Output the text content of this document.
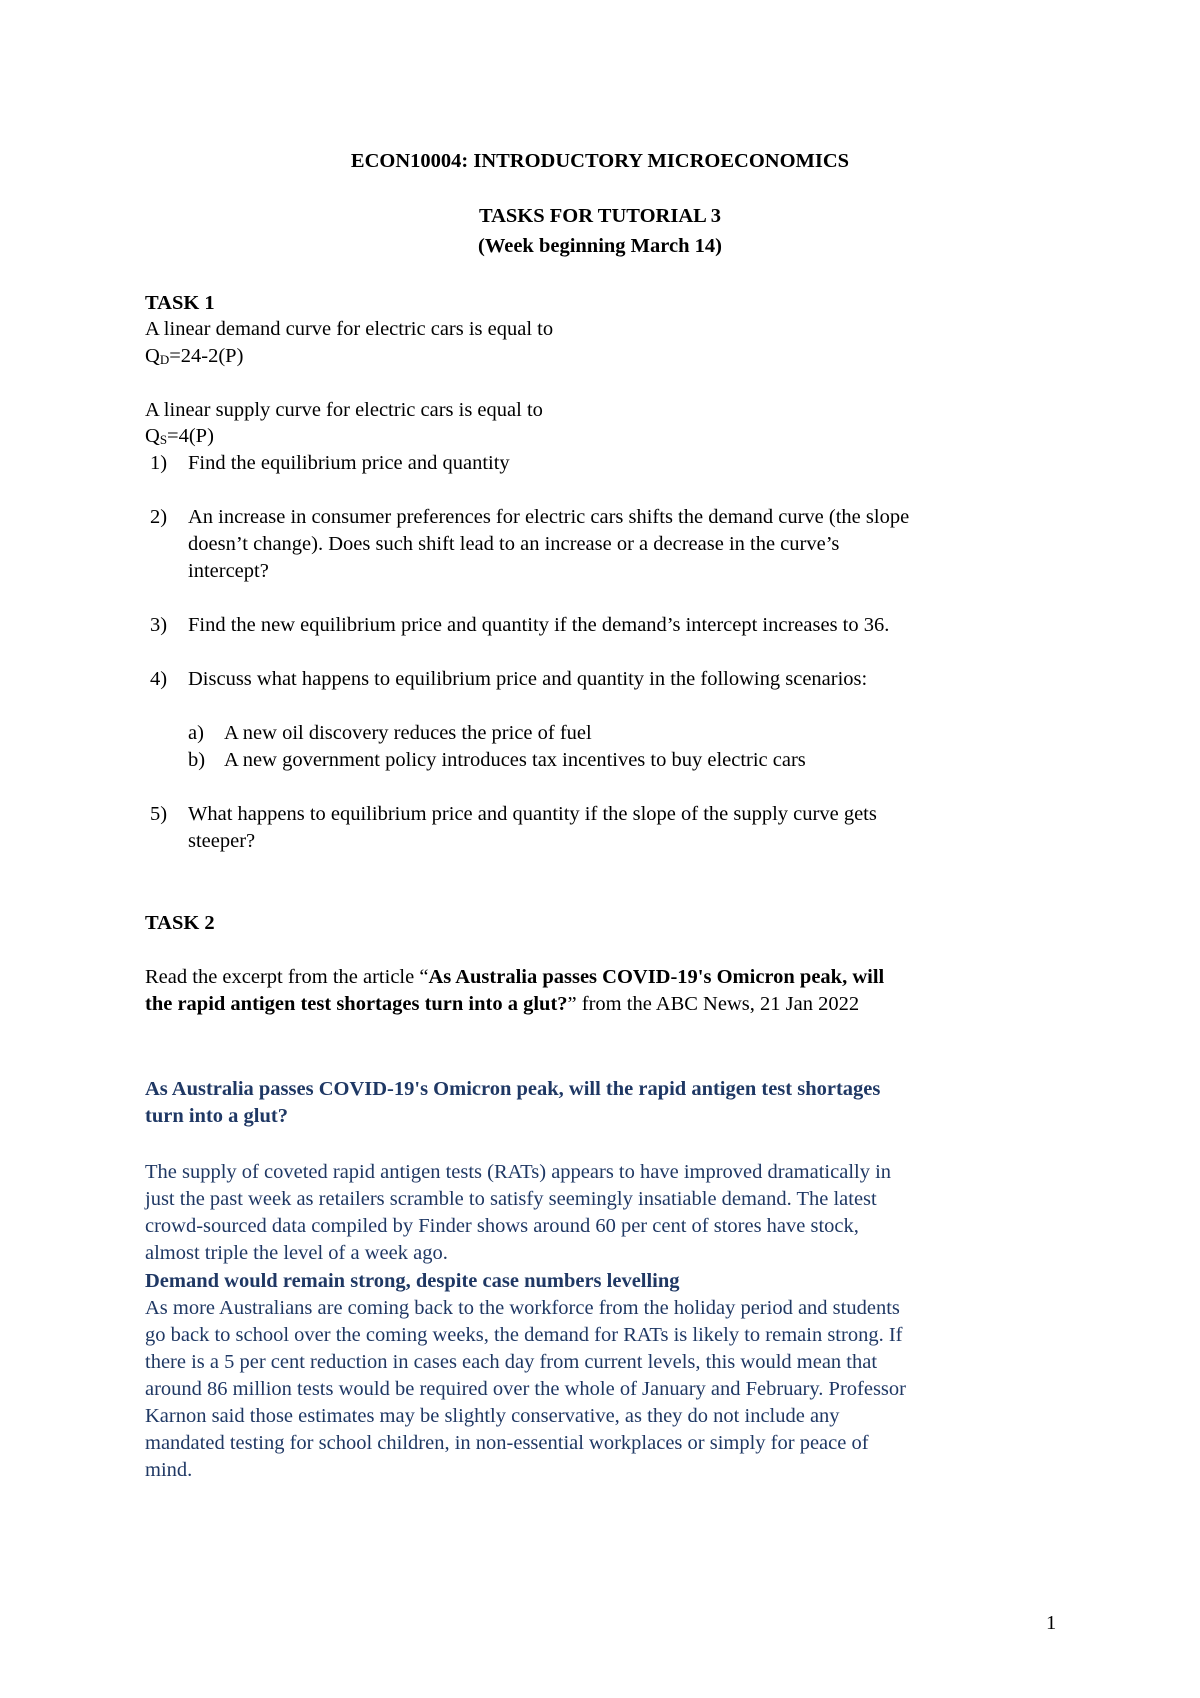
ECON10004: INTRODUCTORY MICROECONOMICS
TASKS FOR TUTORIAL 3
(Week beginning March 14)
TASK 1
A linear demand curve for electric cars is equal to
QD=24-2(P)
A linear supply curve for electric cars is equal to
QS=4(P)
1) Find the equilibrium price and quantity
2) An increase in consumer preferences for electric cars shifts the demand curve (the slope
doesn’t change). Does such shift lead to an increase or a decrease in the curve’s
intercept?
3) Find the new equilibrium price and quantity if the demand’s intercept increases to 36.
4) Discuss what happens to equilibrium price and quantity in the following scenarios:
a) A new oil discovery reduces the price of fuel
b) A new government policy introduces tax incentives to buy electric cars
5) What happens to equilibrium price and quantity if the slope of the supply curve gets
steeper?
TASK 2
Read the excerpt from the article “As Australia passes COVID-19's Omicron peak, will
the rapid antigen test shortages turn into a glut?” from the ABC News, 21 Jan 2022
As Australia passes COVID-19's Omicron peak, will the rapid antigen test shortages
turn into a glut?
The supply of coveted rapid antigen tests (RATs) appears to have improved dramatically in
just the past week as retailers scramble to satisfy seemingly insatiable demand. The latest
crowd-sourced data compiled by Finder shows around 60 per cent of stores have stock,
almost triple the level of a week ago.
Demand would remain strong, despite case numbers levelling
As more Australians are coming back to the workforce from the holiday period and students
go back to school over the coming weeks, the demand for RATs is likely to remain strong. If
there is a 5 per cent reduction in cases each day from current levels, this would mean that
around 86 million tests would be required over the whole of January and February. Professor
Karnon said those estimates may be slightly conservative, as they do not include any
mandated testing for school children, in non-essential workplaces or simply for peace of
mind.
1
